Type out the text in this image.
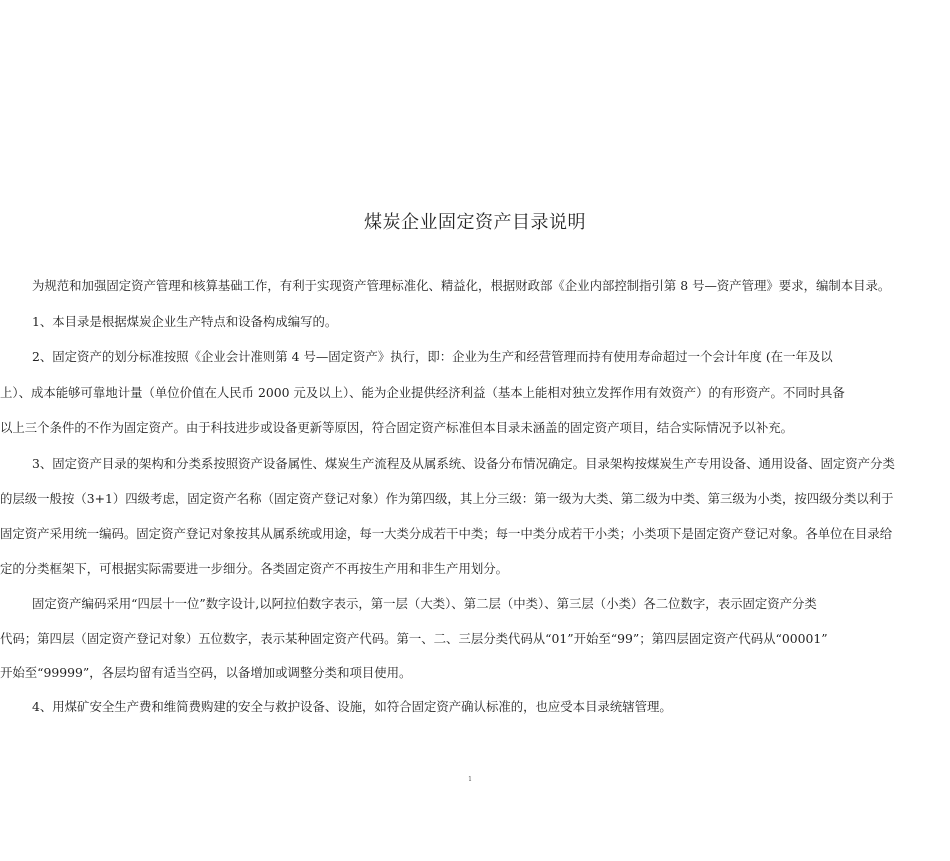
煤炭企业固定资产目录说明
为规范和加强固定资产管理和核算基础工作，有利于实现资产管理标准化、精益化，根据财政部《企业内部控制指引第 8 号—资产管理》要求，编制本目录。
1、本目录是根据煤炭企业生产特点和设备构成编写的。
2、固定资产的划分标准按照《企业会计准则第 4 号—固定资产》执行，即：企业为生产和经营管理而持有使用寿命超过一个会计年度 (在一年及以
上）、成本能够可靠地计量（单位价值在人民币 2000 元及以上）、能为企业提供经济利益（基本上能相对独立发挥作用有效资产）的有形资产。不同时具备
以上三个条件的不作为固定资产。由于科技进步或设备更新等原因，符合固定资产标准但本目录未涵盖的固定资产项目，结合实际情况予以补充。
3、固定资产目录的架构和分类系按照资产设备属性、煤炭生产流程及从属系统、设备分布情况确定。目录架构按煤炭生产专用设备、通用设备、固定资产分类
的层级一般按（3+1）四级考虑，固定资产名称（固定资产登记对象）作为第四级，其上分三级：第一级为大类、第二级为中类、第三级为小类，按四级分类以利于
固定资产采用统一编码。固定资产登记对象按其从属系统或用途，每一大类分成若干中类；每一中类分成若干小类；小类项下是固定资产登记对象。各单位在目录给
定的分类框架下，可根据实际需要进一步细分。各类固定资产不再按生产用和非生产用划分。
固定资产编码采用“四层十一位”数字设计,以阿拉伯数字表示，第一层（大类）、第二层（中类）、第三层（小类）各二位数字，表示固定资产分类
代码；第四层（固定资产登记对象）五位数字，表示某种固定资产代码。第一、二、三层分类代码从“01”开始至“99”；第四层固定资产代码从“00001”
开始至“99999”，各层均留有适当空码，以备增加或调整分类和项目使用。
4、用煤矿安全生产费和维简费购建的安全与救护设备、设施，如符合固定资产确认标准的，也应受本目录统辖管理。
1
